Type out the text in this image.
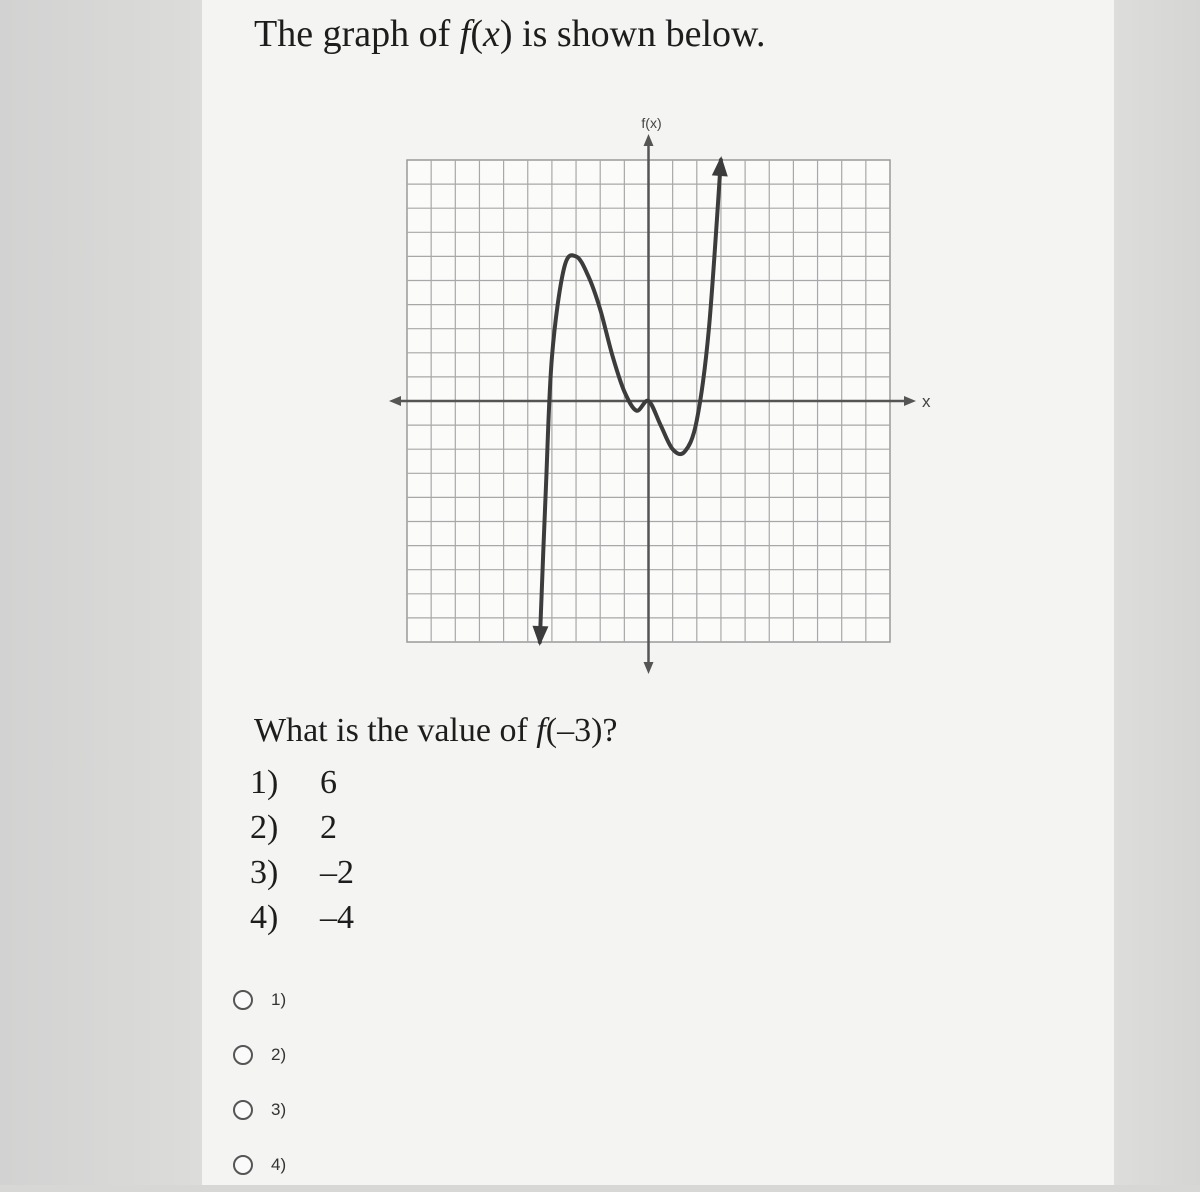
The graph of f(x) is shown below.
f(x)
x
What is the value of f(–3)?
1)	6
2)	2
3)	–2
4)	–4
1)
2)
3)
4)
